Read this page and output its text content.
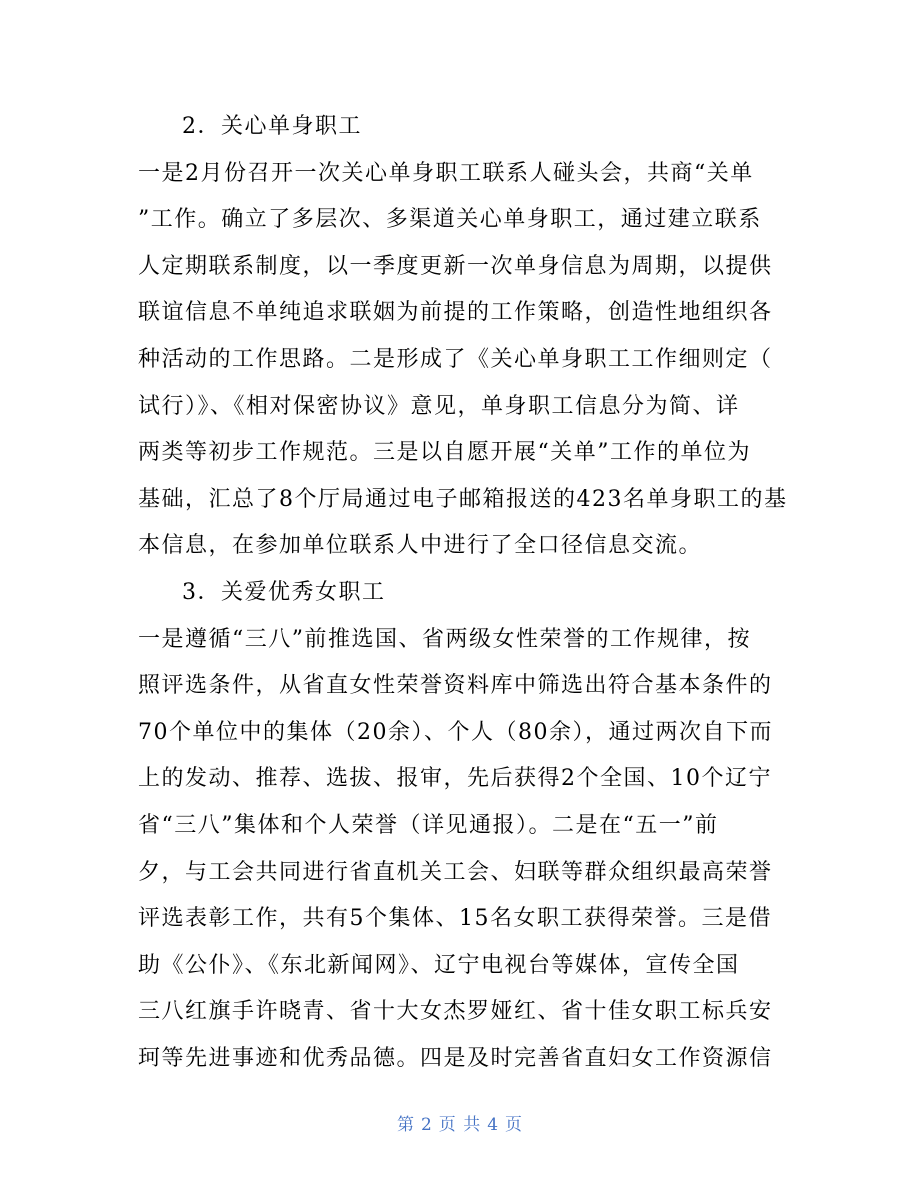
2．关心单身职工
一是2月份召开一次关心单身职工联系人碰头会，共商“关单
”工作。确立了多层次、多渠道关心单身职工，通过建立联系
人定期联系制度，以一季度更新一次单身信息为周期，以提供
联谊信息不单纯追求联姻为前提的工作策略，创造性地组织各
种活动的工作思路。二是形成了《关心单身职工工作细则定（
试行）》、《相对保密协议》意见，单身职工信息分为简、详
两类等初步工作规范。三是以自愿开展“关单”工作的单位为
基础，汇总了8个厅局通过电子邮箱报送的423名单身职工的基
本信息，在参加单位联系人中进行了全口径信息交流。
3．关爱优秀女职工
一是遵循“三八”前推选国、省两级女性荣誉的工作规律，按
照评选条件，从省直女性荣誉资料库中筛选出符合基本条件的
70个单位中的集体（20余）、个人（80余），通过两次自下而
上的发动、推荐、选拔、报审，先后获得2个全国、10个辽宁
省“三八”集体和个人荣誉（详见通报）。二是在“五一”前
夕，与工会共同进行省直机关工会、妇联等群众组织最高荣誉
评选表彰工作，共有5个集体、15名女职工获得荣誉。三是借
助《公仆》、《东北新闻网》、辽宁电视台等媒体，宣传全国
三八红旗手许晓青、省十大女杰罗娅红、省十佳女职工标兵安
珂等先进事迹和优秀品德。四是及时完善省直妇女工作资源信
第 2 页 共 4 页
